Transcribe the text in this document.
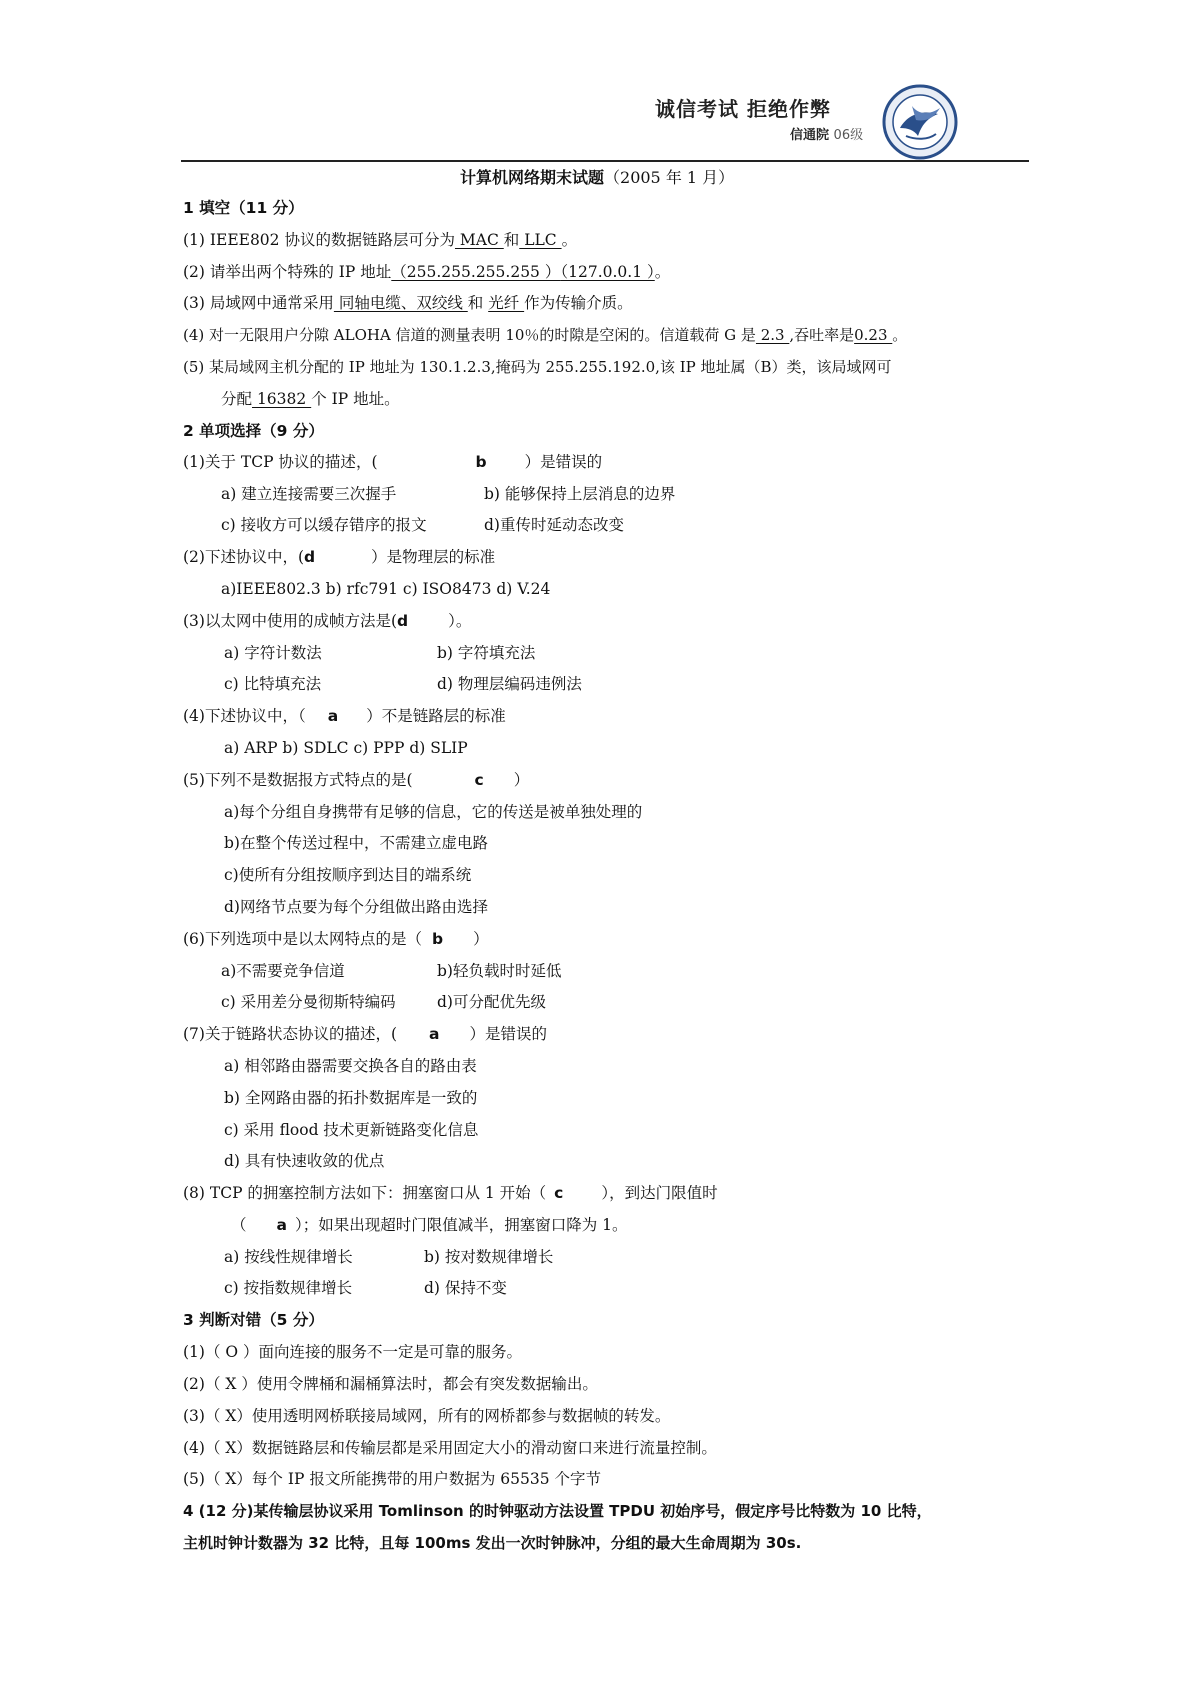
诚信考试 拒绝作弊
信通院 06级
计算机网络期末试题（2005 年 1 月）
1 填空（11 分）
(1) IEEE802 协议的数据链路层可分为 MAC 和 LLC 。
(2) 请举出两个特殊的 IP 地址（255.255.255.255 ）（127.0.0.1 ）。
(3) 局域网中通常采用 同轴电缆、双绞线 和 光纤 作为传输介质。
(4) 对一无限用户分隙 ALOHA 信道的测量表明 10％的时隙是空闲的。信道载荷 G 是 2.3 ,吞吐率是0.23 。
(5) 某局域网主机分配的 IP 地址为 130.1.2.3,掩码为 255.255.192.0,该 IP 地址属（B）类，该局域网可
分配 16382 个 IP 地址。
2 单项选择（9 分）
(1)关于 TCP 协议的描述，(	b ）是错误的
a) 建立连接需要三次握手	b) 能够保持上层消息的边界
c) 接收方可以缓存错序的报文	d)重传时延动态改变
(2)下述协议中，(d	）是物理层的标准
a)IEEE802.3 b) rfc791 c) ISO8473 d) V.24
(3)以太网中使用的成帧方法是(d	）。
a) 字符计数法	b) 字符填充法
c) 比特填充法	d) 物理层编码违例法
(4)下述协议中，（ a ）不是链路层的标准
a) ARP b) SDLC c) PPP d) SLIP
(5)下列不是数据报方式特点的是(	c ）
a)每个分组自身携带有足够的信息，它的传送是被单独处理的
b)在整个传送过程中，不需建立虚电路
c)使所有分组按顺序到达目的端系统
d)网络节点要为每个分组做出路由选择
(6)下列选项中是以太网特点的是（ b ）
a)不需要竞争信道	b)轻负载时时延低
c) 采用差分曼彻斯特编码	d)可分配优先级
(7)关于链路状态协议的描述，( a ）是错误的
a) 相邻路由器需要交换各自的路由表
b) 全网路由器的拓扑数据库是一致的
c) 采用 flood 技术更新链路变化信息
d) 具有快速收敛的优点
(8) TCP 的拥塞控制方法如下：拥塞窗口从 1 开始（ c ），到达门限值时
（ a ）；如果出现超时门限值减半，拥塞窗口降为 1。
a) 按线性规律增长	b) 按对数规律增长
c) 按指数规律增长	d) 保持不变
3 判断对错（5 分）
(1)（ O ）面向连接的服务不一定是可靠的服务。
(2)（ X ）使用令牌桶和漏桶算法时，都会有突发数据输出。
(3)（ X）使用透明网桥联接局域网，所有的网桥都参与数据帧的转发。
(4)（ X）数据链路层和传输层都是采用固定大小的滑动窗口来进行流量控制。
(5)（ X）每个 IP 报文所能携带的用户数据为 65535 个字节
4 (12 分)某传输层协议采用 Tomlinson 的时钟驱动方法设置 TPDU 初始序号，假定序号比特数为 10 比特，
主机时钟计数器为 32 比特，且每 100ms 发出一次时钟脉冲，分组的最大生命周期为 30s.
